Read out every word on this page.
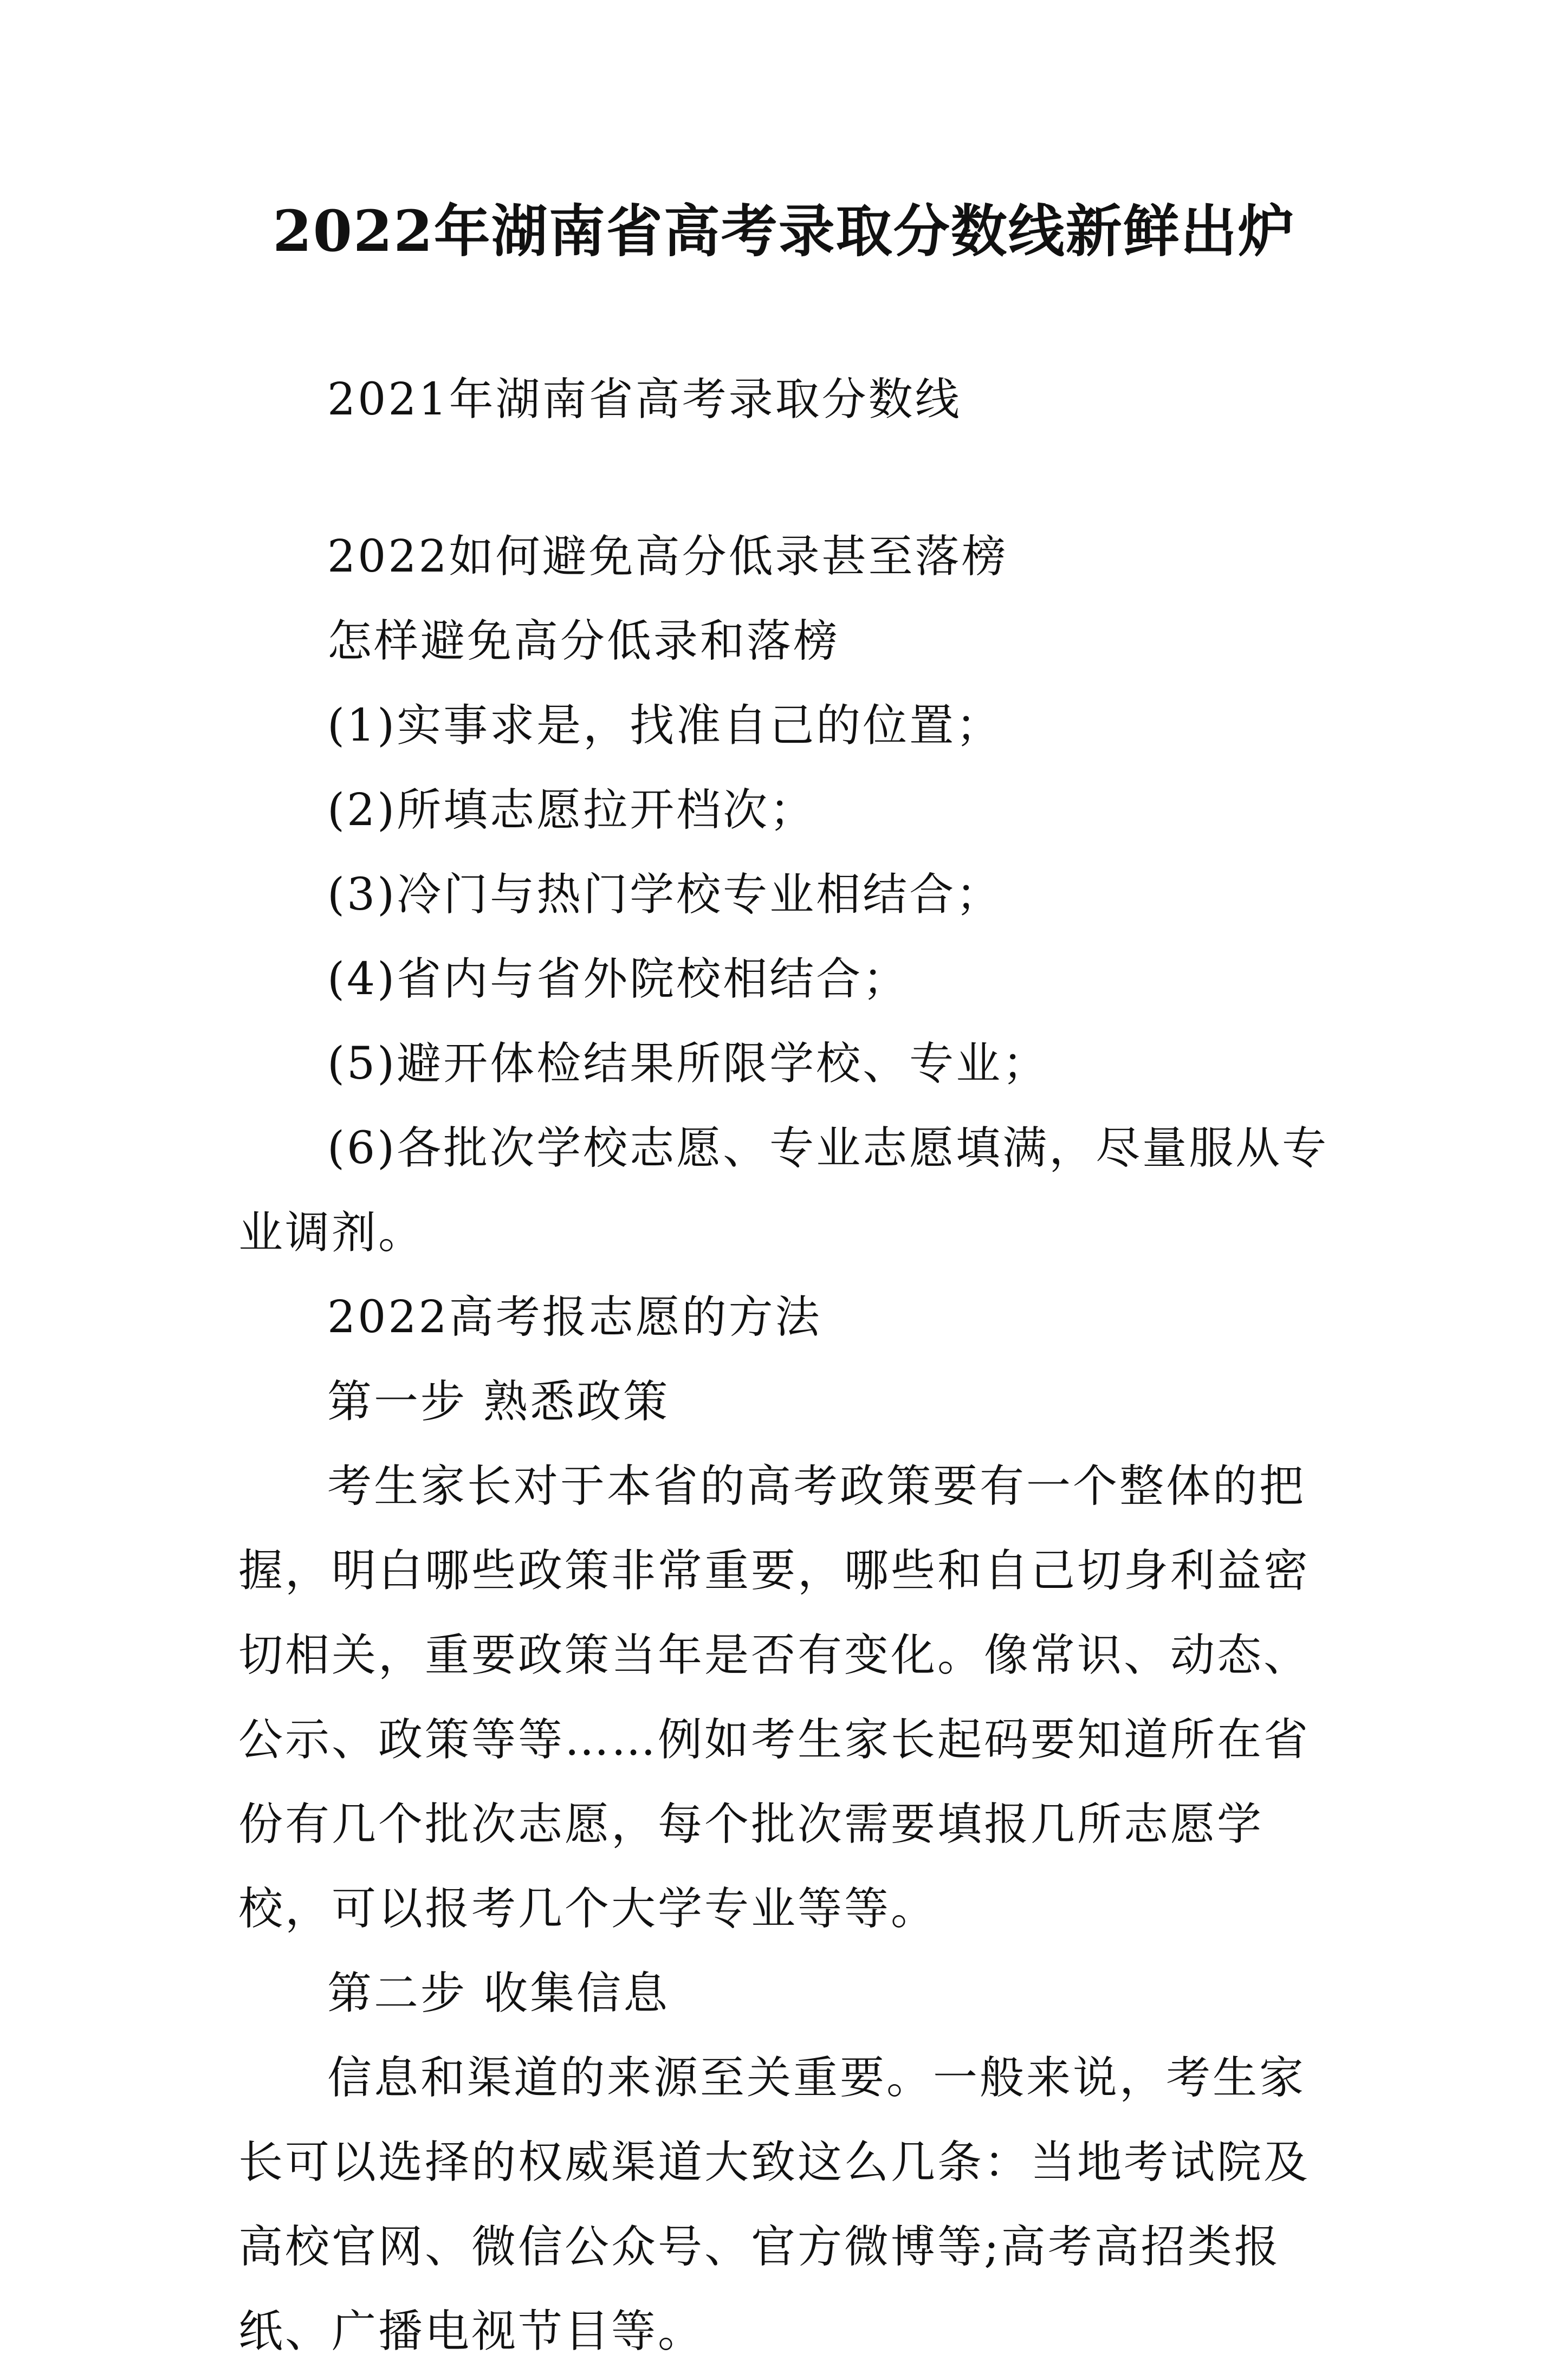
2022年湖南省高考录取分数线新鲜出炉

2021年湖南省高考录取分数线

2022如何避免高分低录甚至落榜

怎样避免高分低录和落榜

(1)实事求是，找准自己的位置；

(2)所填志愿拉开档次；

(3)冷门与热门学校专业相结合；

(4)省内与省外院校相结合；

(5)避开体检结果所限学校、专业；

(6)各批次学校志愿、专业志愿填满，尽量服从专业调剂。

2022高考报志愿的方法

第一步 熟悉政策

考生家长对于本省的高考政策要有一个整体的把握，明白哪些政策非常重要，哪些和自己切身利益密切相关，重要政策当年是否有变化。像常识、动态、公示、政策等等……例如考生家长起码要知道所在省份有几个批次志愿，每个批次需要填报几所志愿学校，可以报考几个大学专业等等。

第二步 收集信息

信息和渠道的来源至关重要。一般来说，考生家长可以选择的权威渠道大致这么几条：当地考试院及高校官网、微信公众号、官方微博等;高考高招类报纸、广播电视节目等。
